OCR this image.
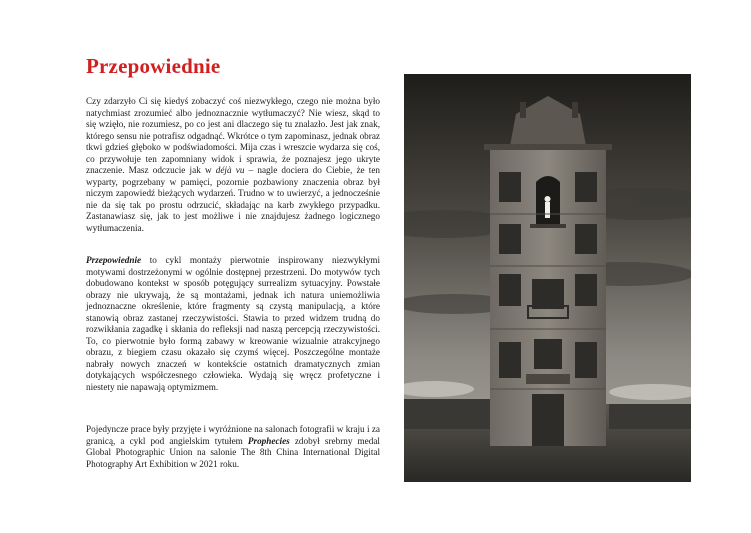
Przepowiednie

Czy zdarzyło Ci się kiedyś zobaczyć coś niezwykłego, czego nie można było natychmiast zrozumieć albo jednoznacznie wytłumaczyć? Nie wiesz, skąd to się wzięło, nie rozumiesz, po co jest ani dlaczego się tu znalazło. Jest jak znak, którego sensu nie potrafisz odgadnąć. Wkrótce o tym zapominasz, jednak obraz tkwi gdzieś głęboko w podświadomości. Mija czas i wreszcie wydarza się coś, co przywołuje ten zapomniany widok i sprawia, że poznajesz jego ukryte znaczenie. Masz odczucie jak w déjà vu – nagle dociera do Ciebie, że ten wyparty, pogrzebany w pamięci, pozornie pozbawiony znaczenia obraz był niczym zapowiedź bieżących wydarzeń. Trudno w to uwierzyć, a jednocześnie nie da się tak po prostu odrzucić, składając na karb zwykłego przypadku. Zastanawiasz się, jak to jest możliwe i nie znajdujesz żadnego logicznego wytłumaczenia.

Przepowiednie to cykl montaży pierwotnie inspirowany niezwykłymi motywami dostrzeżonymi w ogólnie dostępnej przestrzeni. Do motywów tych dobudowano kontekst w sposób potęgujący surrealizm sytuacyjny. Powstałe obrazy nie ukrywają, że są montażami, jednak ich natura uniemożliwia jednoznaczne określenie, które fragmenty są czystą manipulacją, a które stanowią obraz zastanej rzeczywistości. Stawia to przed widzem trudną do rozwikłania zagadkę i skłania do refleksji nad naszą percepcją rzeczywistości. To, co pierwotnie było formą zabawy w kreowanie wizualnie atrakcyjnego obrazu, z biegiem czasu okazało się czymś więcej. Poszczególne montaże nabrały nowych znaczeń w kontekście ostatnich dramatycznych zmian dotykających współczesnego człowieka. Wydają się wręcz profetyczne i niestety nie napawają optymizmem.

Pojedyncze prace były przyjęte i wyróżnione na salonach fotografii w kraju i za granicą, a cykl pod angielskim tytułem Prophecies zdobył srebrny medal Global Photographic Union na salonie The 8th China International Digital Photography Art Exhibition w 2021 roku.
